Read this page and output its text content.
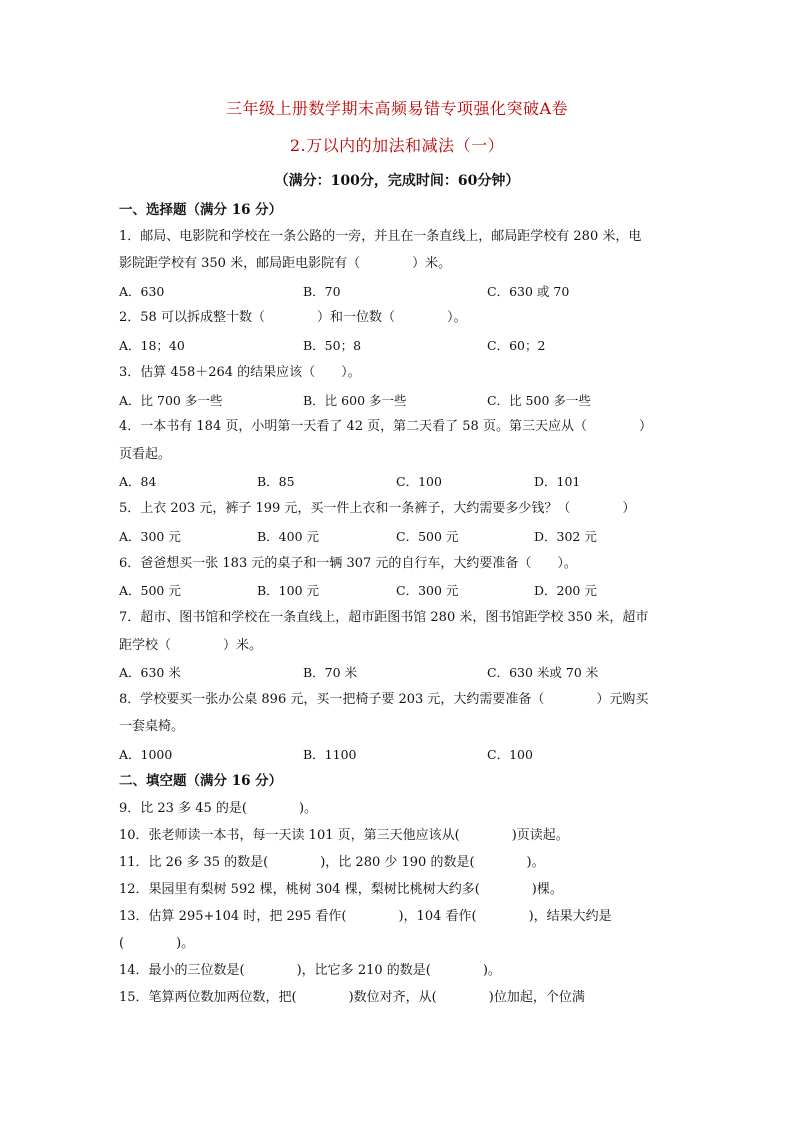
三年级上册数学期末高频易错专项强化突破A卷
2.万以内的加法和减法（一）
（满分：100分，完成时间：60分钟）
一、选择题（满分 16 分）
1．邮局、电影院和学校在一条公路的一旁，并且在一条直线上，邮局距学校有 280 米，电
影院距学校有 350 米，邮局距电影院有（　　　　）米。
A．630	B．70	C．630 或 70
2．58 可以拆成整十数（　　　　）和一位数（　　　　）。
A．18；40	B．50；8	C．60；2
3．估算 458＋264 的结果应该（　　）。
A．比 700 多一些	B．比 600 多一些	C．比 500 多一些
4．一本书有 184 页，小明第一天看了 42 页，第二天看了 58 页。第三天应从（　　　　）
页看起。
A．84	B．85	C．100	D．101
5．上衣 203 元，裤子 199 元，买一件上衣和一条裤子，大约需要多少钱？（　　　　）
A．300 元	B．400 元	C．500 元	D．302 元
6．爸爸想买一张 183 元的桌子和一辆 307 元的自行车，大约要准备（　　）。
A．500 元	B．100 元	C．300 元	D．200 元
7．超市、图书馆和学校在一条直线上，超市距图书馆 280 米，图书馆距学校 350 米，超市
距学校（　　　　）米。
A．630 米	B．70 米	C．630 米或 70 米
8．学校要买一张办公桌 896 元，买一把椅子要 203 元，大约需要准备（　　　　）元购买
一套桌椅。
A．1000	B．1100	C．100
二、填空题（满分 16 分）
9．比 23 多 45 的是(　　　　)。
10．张老师读一本书，每一天读 101 页，第三天他应该从(　　　　)页读起。
11．比 26 多 35 的数是(　　　　)，比 280 少 190 的数是(　　　　)。
12．果园里有梨树 592 棵，桃树 304 棵，梨树比桃树大约多(　　　　)棵。
13．估算 295+104 时，把 295 看作(　　　　)，104 看作(　　　　)，结果大约是
(　　　　)。
14．最小的三位数是(　　　　)，比它多 210 的数是(　　　　)。
15．笔算两位数加两位数，把(　　　　)数位对齐，从(　　　　)位加起，个位满
